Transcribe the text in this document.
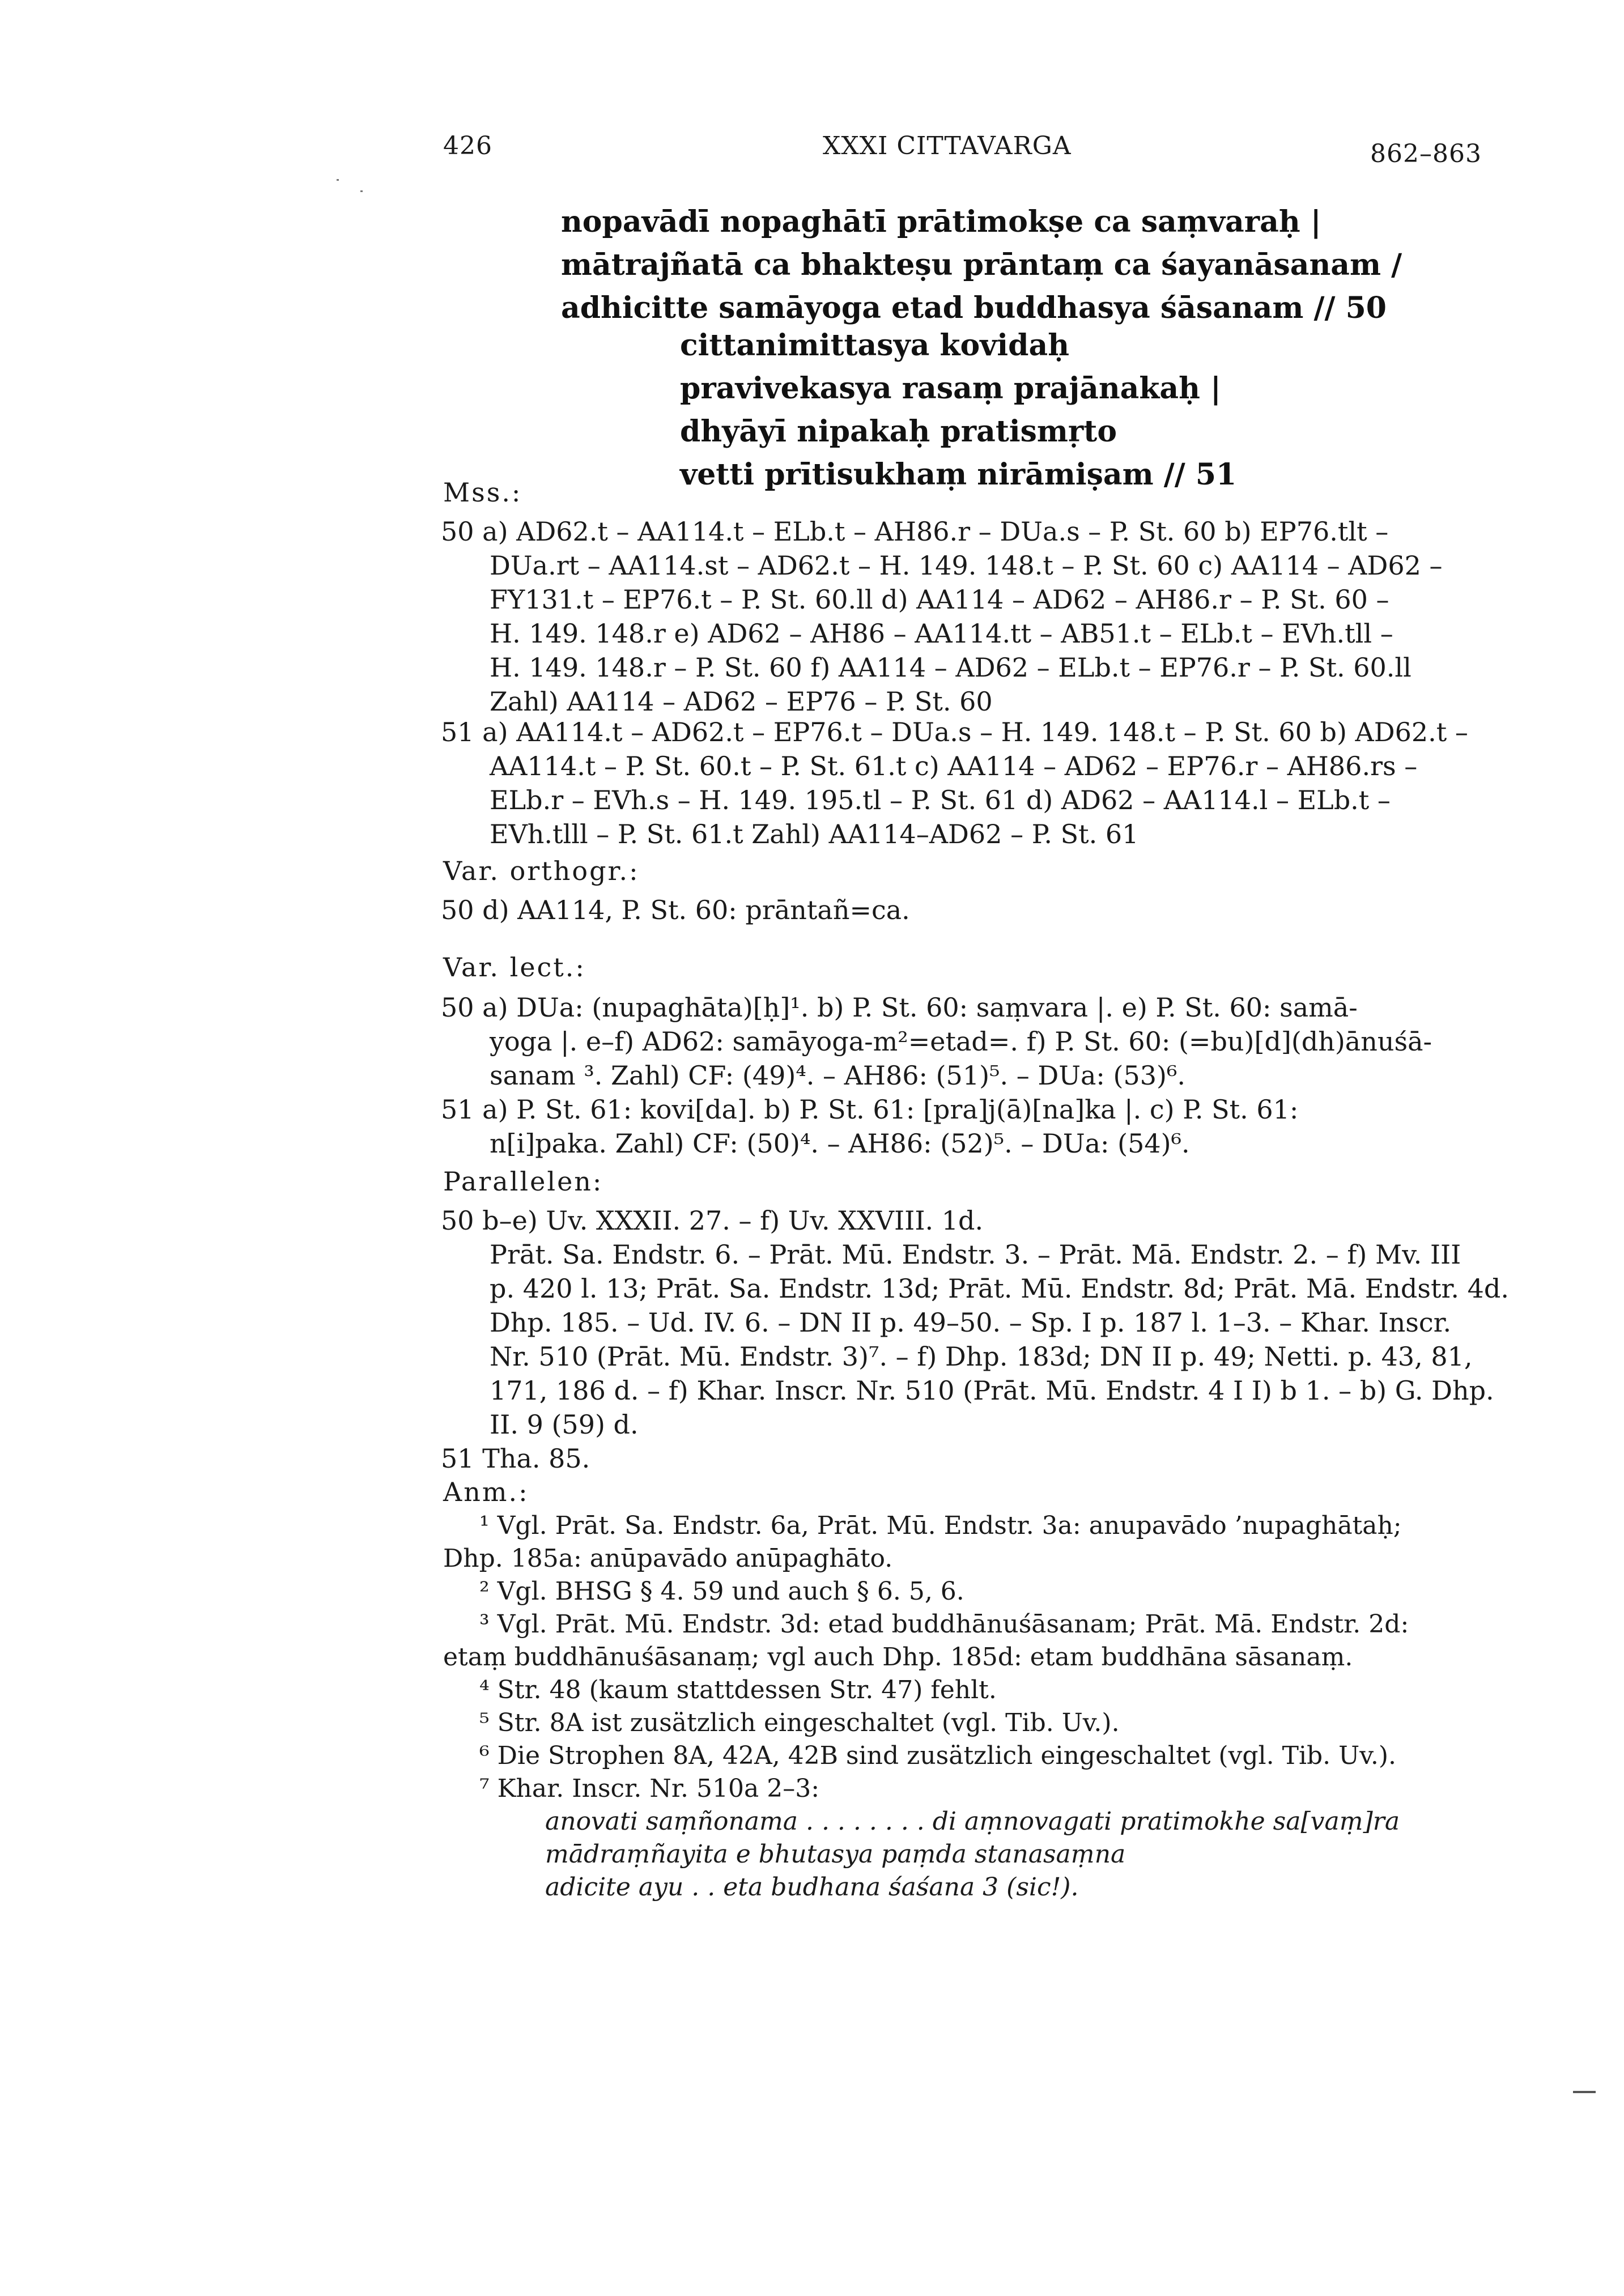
426	XXXI CITTAVARGA	862–863
nopavādī nopaghātī prātimokṣe ca saṃvaraḥ |
mātrajñatā ca bhakteṣu prāntaṃ ca śayanāsanam /
adhicitte samāyoga etad buddhasya śāsanam // 50
cittanimittasya kovidaḥ
pravivekasya rasaṃ prajānakaḥ |
dhyāyī nipakaḥ pratismṛto
vetti prītisukhaṃ nirāmiṣam // 51
Mss.:
50 a) AD62.t – AA114.t – ELb.t – AH86.r – DUa.s – P. St. 60 b) EP76.tlt –
DUa.rt – AA114.st – AD62.t – H. 149. 148.t – P. St. 60 c) AA114 – AD62 –
FY131.t – EP76.t – P. St. 60.ll d) AA114 – AD62 – AH86.r – P. St. 60 –
H. 149. 148.r e) AD62 – AH86 – AA114.tt – AB51.t – ELb.t – EVh.tll –
H. 149. 148.r – P. St. 60 f) AA114 – AD62 – ELb.t – EP76.r – P. St. 60.ll
Zahl) AA114 – AD62 – EP76 – P. St. 60
51 a) AA114.t – AD62.t – EP76.t – DUa.s – H. 149. 148.t – P. St. 60 b) AD62.t –
AA114.t – P. St. 60.t – P. St. 61.t c) AA114 – AD62 – EP76.r – AH86.rs –
ELb.r – EVh.s – H. 149. 195.tl – P. St. 61 d) AD62 – AA114.l – ELb.t –
EVh.tlll – P. St. 61.t Zahl) AA114–AD62 – P. St. 61
Var. orthogr.:
50 d) AA114, P. St. 60: prāntañ=ca.
Var. lect.:
50 a) DUa: (nupaghāta)[ḥ]¹. b) P. St. 60: saṃvara |. e) P. St. 60: samā-
yoga |. e–f) AD62: samāyoga-m²=etad=. f) P. St. 60: (=bu)[d](dh)ānuśā-
sanam ³. Zahl) CF: (49)⁴. – AH86: (51)⁵. – DUa: (53)⁶.
51 a) P. St. 61: kovi[da]. b) P. St. 61: [pra]j(ā)[na]ka |. c) P. St. 61:
n[i]paka. Zahl) CF: (50)⁴. – AH86: (52)⁵. – DUa: (54)⁶.
Parallelen:
50 b–e) Uv. XXXII. 27. – f) Uv. XXVIII. 1d.
Prāt. Sa. Endstr. 6. – Prāt. Mū. Endstr. 3. – Prāt. Mā. Endstr. 2. – f) Mv. III
p. 420 l. 13; Prāt. Sa. Endstr. 13d; Prāt. Mū. Endstr. 8d; Prāt. Mā. Endstr. 4d.
Dhp. 185. – Ud. IV. 6. – DN II p. 49–50. – Sp. I p. 187 l. 1–3. – Khar. Inscr.
Nr. 510 (Prāt. Mū. Endstr. 3)⁷. – f) Dhp. 183d; DN II p. 49; Netti. p. 43, 81,
171, 186 d. – f) Khar. Inscr. Nr. 510 (Prāt. Mū. Endstr. 4 I I) b 1. – b) G. Dhp.
II. 9 (59) d.
51 Tha. 85.
Anm.:
¹ Vgl. Prāt. Sa. Endstr. 6a, Prāt. Mū. Endstr. 3a: anupavādo ’nupaghātaḥ;
Dhp. 185a: anūpavādo anūpaghāto.
² Vgl. BHSG § 4. 59 und auch § 6. 5, 6.
³ Vgl. Prāt. Mū. Endstr. 3d: etad buddhānuśāsanam; Prāt. Mā. Endstr. 2d:
etaṃ buddhānuśāsanaṃ; vgl auch Dhp. 185d: etam buddhāna sāsanaṃ.
⁴ Str. 48 (kaum stattdessen Str. 47) fehlt.
⁵ Str. 8A ist zusätzlich eingeschaltet (vgl. Tib. Uv.).
⁶ Die Strophen 8A, 42A, 42B sind zusätzlich eingeschaltet (vgl. Tib. Uv.).
⁷ Khar. Inscr. Nr. 510a 2–3:
anovati saṃñonama . . . . . . . . di aṃnovagati pratimokhe sa[vaṃ]ra
mādraṃñayita e bhutasya paṃda stanasaṃna
adicite ayu . . eta budhana śaśana 3 (sic!).
